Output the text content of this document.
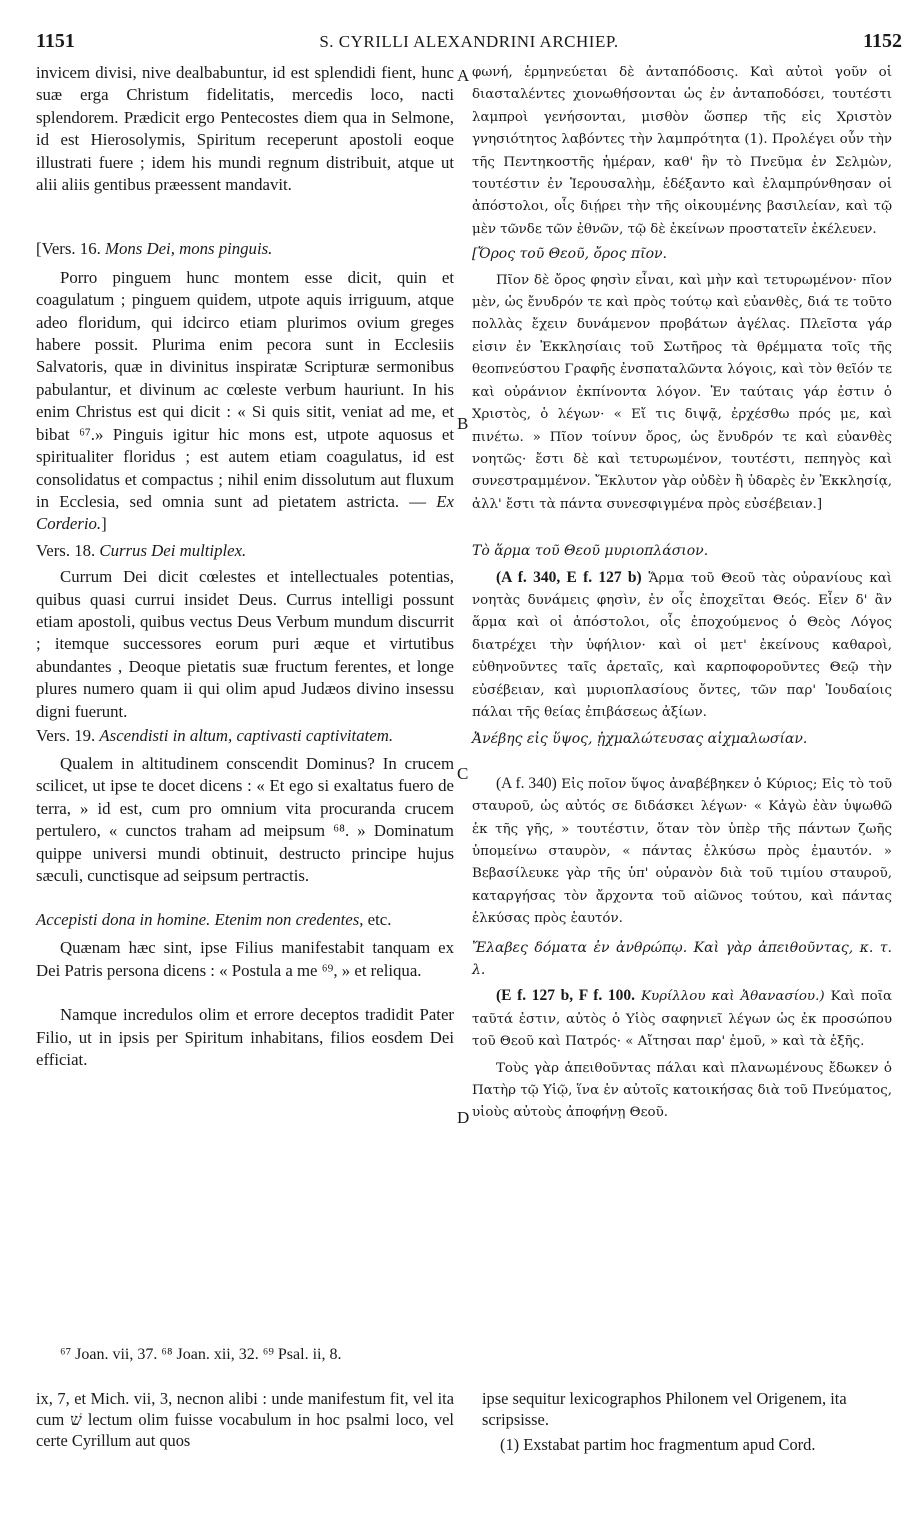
1151	S. CYRILLI ALEXANDRINI ARCHIEP.	1152

invicem divisi, nive dealbabuntur, id est splendidi fient, hunc suæ erga Christum fidelitatis, mercedis loco, nacti splendorem. Prædicit ergo Pentecostes diem qua in Selmone, id est Hierosolymis, Spiritum receperunt apostoli eoque illustrati fuere ; idem his mundi regnum distribuit, atque ut alii aliis gentibus præessent mandavit.

[Vers. 16. Mons Dei, mons pinguis.

Porro pinguem hunc montem esse dicit, quin et coagulatum ; pinguem quidem, utpote aquis irriguum, atque adeo floridum, qui idcirco etiam plurimos ovium greges habere possit. Plurima enim pecora sunt in Ecclesiis Salvatoris, quæ in divinitus inspiratæ Scripturæ sermonibus pabulantur, et divinum ac cœleste verbum hauriunt. In his enim Christus est qui dicit : « Si quis sitit, veniat ad me, et bibat ⁶⁷.» Pinguis igitur hic mons est, utpote aquosus et spiritualiter floridus ; est autem etiam coagulatus, id est consolidatus et compactus ; nihil enim dissolutum aut fluxum in Ecclesia, sed omnia sunt ad pietatem astricta. — Ex Corderio.]

Vers. 18. Currus Dei multiplex.

Currum Dei dicit cœlestes et intellectuales potentias, quibus quasi currui insidet Deus. Currus intelligi possunt etiam apostoli, quibus vectus Deus Verbum mundum discurrit ; itemque successores eorum puri æque et virtutibus abundantes , Deoque pietatis suæ fructum ferentes, et longe plures numero quam ii qui olim apud Judæos divino insessu digni fuerunt.

Vers. 19. Ascendisti in altum, captivasti captivitatem.

Qualem in altitudinem conscendit Dominus? In crucem scilicet, ut ipse te docet dicens : « Et ego si exaltatus fuero de terra, » id est, cum pro omnium vita procuranda crucem pertulero, « cunctos traham ad meipsum ⁶⁸. » Dominatum quippe universi mundi obtinuit, destructo principe hujus sæculi, cunctisque ad seipsum pertractis.

Accepisti dona in homine. Etenim non credentes, etc.

Quænam hæc sint, ipse Filius manifestabit tanquam ex Dei Patris persona dicens : « Postula a me ⁶⁹, » et reliqua.

Namque incredulos olim et errore deceptos tradidit Pater Filio, ut in ipsis per Spiritum inhabitans, filios eosdem Dei efficiat.

A
B
C
D

φωνή, ἑρμηνεύεται δὲ ἀνταπόδοσις. Καὶ αὐτοὶ γοῦν οἱ διασταλέντες χιονωθήσονται ὡς ἐν ἀνταποδόσει, τουτέστι λαμπροὶ γενήσονται, μισθὸν ὥσπερ τῆς εἰς Χριστὸν γνησιότητος λαβόντες τὴν λαμπρότητα (1). Προλέγει οὖν τὴν τῆς Πεντηκοστῆς ἡμέραν, καθ' ἣν τὸ Πνεῦμα ἐν Σελμὼν, τουτέστιν ἐν Ἱερουσαλὴμ, ἐδέξαντο καὶ ἐλαμπρύνθησαν οἱ ἀπόστολοι, οἷς διῄρει τὴν τῆς οἰκουμένης βασιλείαν, καὶ τῷ μὲν τῶνδε τῶν ἐθνῶν, τῷ δὲ ἐκείνων προστατεῖν ἐκέλευεν.

[Ὄρος τοῦ Θεοῦ, ὄρος πῖον.

Πῖον δὲ ὄρος φησὶν εἶναι, καὶ μὴν καὶ τετυρωμένον· πῖον μὲν, ὡς ἔνυδρόν τε καὶ πρὸς τούτῳ καὶ εὐανθὲς, διά τε τοῦτο πολλὰς ἔχειν δυνάμενον προβάτων ἀγέλας. Πλεῖστα γάρ εἰσιν ἐν Ἐκκλησίαις τοῦ Σωτῆρος τὰ θρέμματα τοῖς τῆς θεοπνεύστου Γραφῆς ἐνσπαταλῶντα λόγοις, καὶ τὸν θεῖόν τε καὶ οὐράνιον ἐκπίνοντα λόγον. Ἐν ταύταις γάρ ἐστιν ὁ Χριστὸς, ὁ λέγων· « Εἴ τις διψᾷ, ἐρχέσθω πρός με, καὶ πινέτω. » Πῖον τοίνυν ὄρος, ὡς ἔνυδρόν τε καὶ εὐανθὲς νοητῶς· ἔστι δὲ καὶ τετυρωμένον, τουτέστι, πεπηγὸς καὶ συνεστραμμένον. Ἔκλυτον γὰρ οὐδὲν ἢ ὑδαρὲς ἐν Ἐκκλησίᾳ, ἀλλ' ἔστι τὰ πάντα συνεσφιγμένα πρὸς εὐσέβειαν.]

Τὸ ἅρμα τοῦ Θεοῦ μυριοπλάσιον.

(A f. 340, E f. 127 b) Ἅρμα τοῦ Θεοῦ τὰς οὐρανίους καὶ νοητὰς δυνάμεις φησὶν, ἐν οἷς ἐποχεῖται Θεός. Εἶεν δ' ἂν ἅρμα καὶ οἱ ἀπόστολοι, οἷς ἐποχούμενος ὁ Θεὸς Λόγος διατρέχει τὴν ὑφήλιον· καὶ οἱ μετ' ἐκείνους καθαροὶ, εὐθηνοῦντες ταῖς ἀρεταῖς, καὶ καρποφοροῦντες Θεῷ τὴν εὐσέβειαν, καὶ μυριοπλασίους ὄντες, τῶν παρ' Ἰουδαίοις πάλαι τῆς θείας ἐπιβάσεως ἀξίων.

Ἀνέβης εἰς ὕψος, ᾐχμαλώτευσας αἰχμαλωσίαν.

(A f. 340) Εἰς ποῖον ὕψος ἀναβέβηκεν ὁ Κύριος; Εἰς τὸ τοῦ σταυροῦ, ὡς αὐτός σε διδάσκει λέγων· « Κἀγὼ ἐὰν ὑψωθῶ ἐκ τῆς γῆς, » τουτέστιν, ὅταν τὸν ὑπὲρ τῆς πάντων ζωῆς ὑπομείνω σταυρὸν, « πάντας ἑλκύσω πρὸς ἐμαυτόν. » Βεβασίλευκε γὰρ τῆς ὑπ' οὐρανὸν διὰ τοῦ τιμίου σταυροῦ, καταργήσας τὸν ἄρχοντα τοῦ αἰῶνος τούτου, καὶ πάντας ἑλκύσας πρὸς ἑαυτόν.

Ἔλαβες δόματα ἐν ἀνθρώπῳ. Καὶ γὰρ ἀπειθοῦντας, κ. τ. λ.

(E f. 127 b, F f. 100. Κυρίλλου καὶ Ἀθανασίου.) Καὶ ποῖα ταῦτά ἐστιν, αὐτὸς ὁ Υἱὸς σαφηνιεῖ λέγων ὡς ἐκ προσώπου τοῦ Θεοῦ καὶ Πατρός· « Αἴτησαι παρ' ἐμοῦ, » καὶ τὰ ἑξῆς.

Τοὺς γὰρ ἀπειθοῦντας πάλαι καὶ πλανωμένους ἔδωκεν ὁ Πατὴρ τῷ Υἱῷ, ἵνα ἐν αὐτοῖς κατοικήσας διὰ τοῦ Πνεύματος, υἱοὺς αὐτοὺς ἀποφήνῃ Θεοῦ.

⁶⁷ Joan. vii, 37. ⁶⁸ Joan. xii, 32. ⁶⁹ Psal. ii, 8.

ix, 7, et Mich. vii, 3, necnon alibi : unde manifestum fit, vel ita cum שׁ lectum olim fuisse vocabulum in hoc psalmi loco, vel certe Cyrillum aut quos

ipse sequitur lexicographos Philonem vel Origenem, ita scripsisse.

(1) Exstabat partim hoc fragmentum apud Cord.
